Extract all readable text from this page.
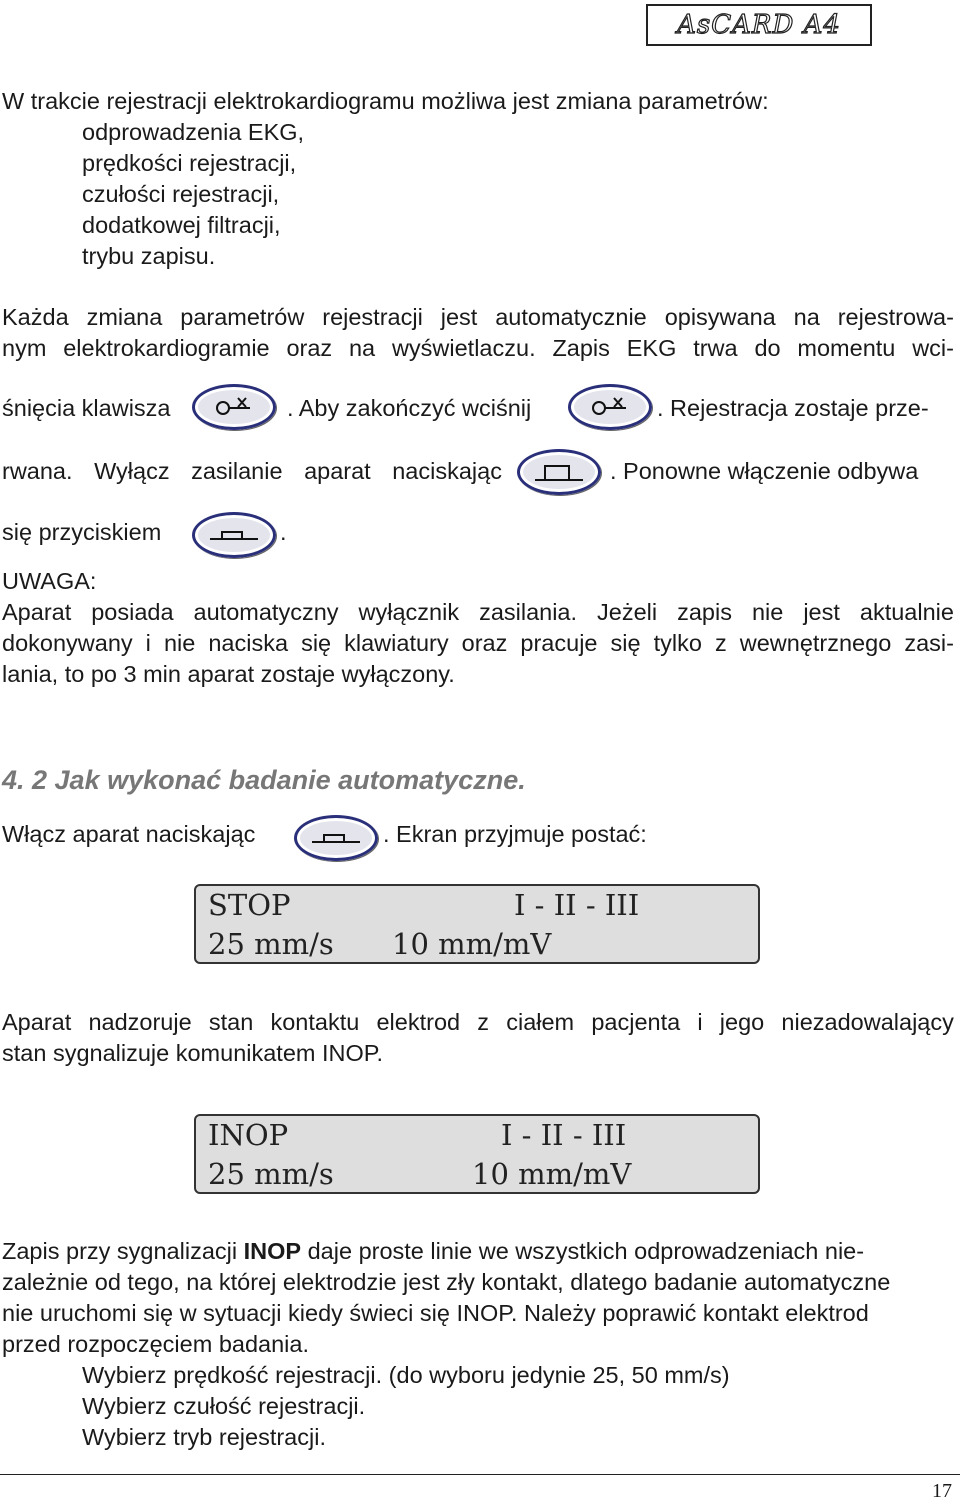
AsCARD A4
W trakcie rejestracji elektrokardiogramu możliwa jest zmiana parametrów:
odprowadzenia EKG,
prędkości rejestracji,
czułości rejestracji,
dodatkowej filtracji,
trybu zapisu.
Każda zmiana parametrów rejestracji jest automatycznie opisywana na rejestrowa-
nym elektrokardiogramie oraz na wyświetlaczu. Zapis EKG trwa do momentu wci-
śnięcia klawisza	. Aby zakończyć wciśnij	. Rejestracja zostaje prze-
rwana. Wyłącz zasilanie aparat naciskając	. Ponowne włączenie odbywa
się przyciskiem	.
UWAGA:
Aparat posiada automatyczny wyłącznik zasilania. Jeżeli zapis nie jest aktualnie
dokonywany i nie naciska się klawiatury oraz pracuje się tylko z wewnętrznego zasi-
lania, to po 3 min aparat zostaje wyłączony.
4. 2 Jak wykonać badanie automatyczne.
Włącz aparat naciskając	. Ekran przyjmuje postać:
STOP	I - II - III
25 mm/s 10 mm/mV
Aparat nadzoruje stan kontaktu elektrod z ciałem pacjenta i jego niezadowalający
stan sygnalizuje komunikatem INOP.
INOP	I - II - III
25 mm/s	10 mm/mV
Zapis przy sygnalizacji INOP daje proste linie we wszystkich odprowadzeniach nie-
zależnie od tego, na której elektrodzie jest zły kontakt, dlatego badanie automatyczne
nie uruchomi się w sytuacji kiedy świeci się INOP. Należy poprawić kontakt elektrod
przed rozpoczęciem badania.
Wybierz prędkość rejestracji. (do wyboru jedynie 25, 50 mm/s)
Wybierz czułość rejestracji.
Wybierz tryb rejestracji.
17
